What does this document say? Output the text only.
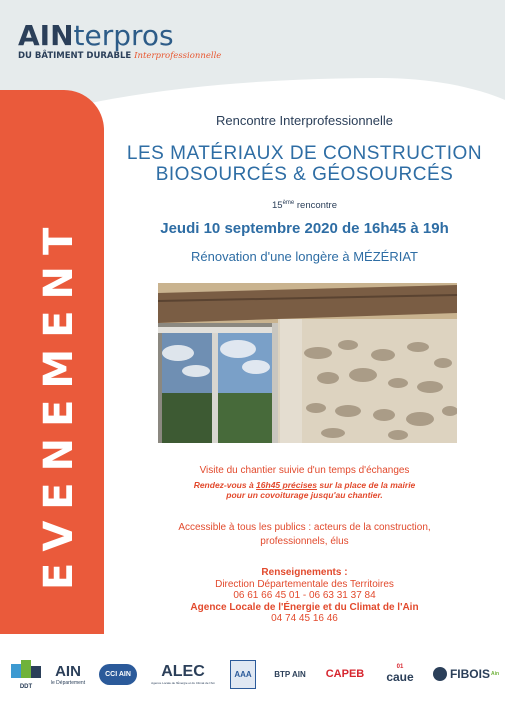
AINterpros
DU BÂTIMENT DURABLE Interprofessionnelle
EVENEMENT
Rencontre Interprofessionnelle
LES MATÉRIAUX DE CONSTRUCTION
BIOSOURCÉS & GÉOSOURCÉS
15ème rencontre
Jeudi 10 septembre 2020 de 16h45 à 19h
Rénovation d'une longère à MÉZÉRIAT
Visite du chantier suivie d'un temps d'échanges
Rendez-vous à 16h45 précises sur la place de la mairie
pour un covoiturage jusqu'au chantier.
Accessible à tous les publics : acteurs de la construction,
professionnels, élus
Renseignements :
Direction Départementale des Territoires
06 61 66 45 01 - 06 63 31 37 84
Agence Locale de l'Énergie et du Climat de l'Ain
04 74 45 16 46
DDT
AIN
le Département
CCI AIN	ALEC
Agence Locale de l'Énergie et du Climat de l'Ain
AAA	BTP AIN CAPEB
01
caue	FIBOIS Ain
